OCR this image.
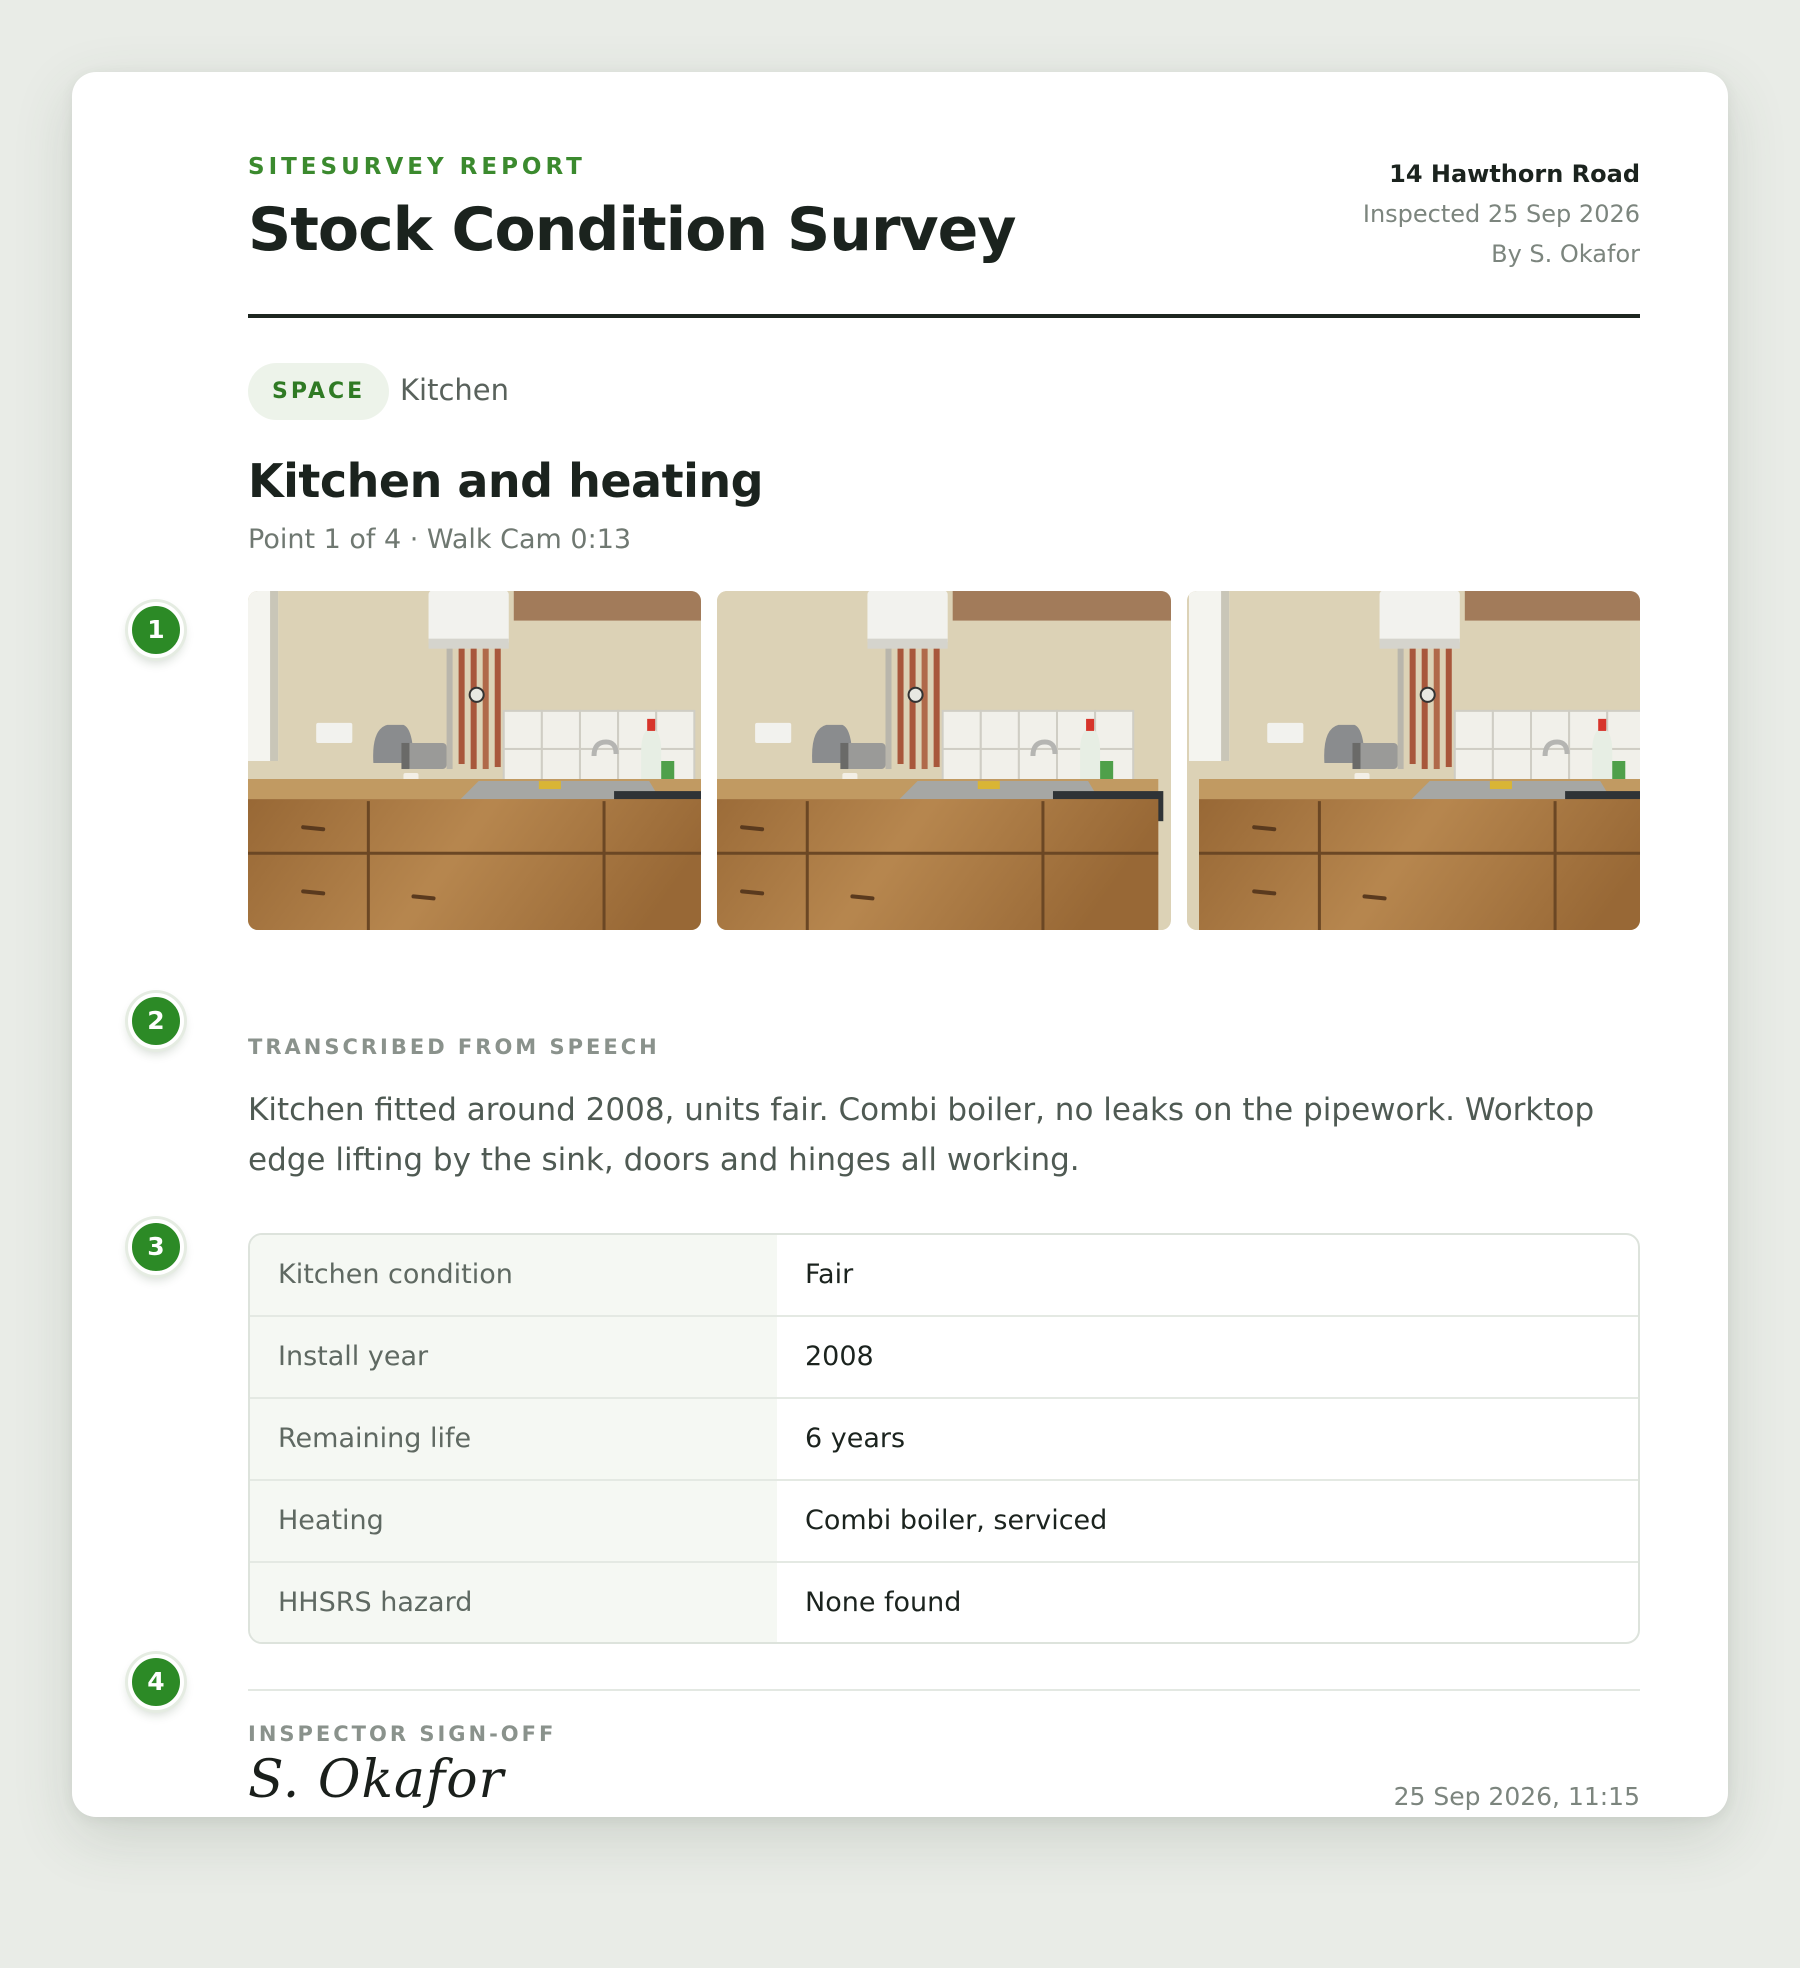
1
2
3
4
SITESURVEY REPORT
Stock Condition Survey
14 Hawthorn Road
Inspected 25 Sep 2026
By S. Okafor
SPACE	Kitchen
Kitchen and heating
Point 1 of 4 · Walk Cam 0:13
TRANSCRIBED FROM SPEECH
Kitchen fitted around 2008, units fair. Combi boiler, no leaks on the pipework. Worktop edge lifting by the sink, doors and hinges all working.
Kitchen condition	Fair
Install year	2008
Remaining life	6 years
Heating	Combi boiler, serviced
HHSRS hazard	None found
INSPECTOR SIGN-OFF
S. Okafor	25 Sep 2026, 11:15
